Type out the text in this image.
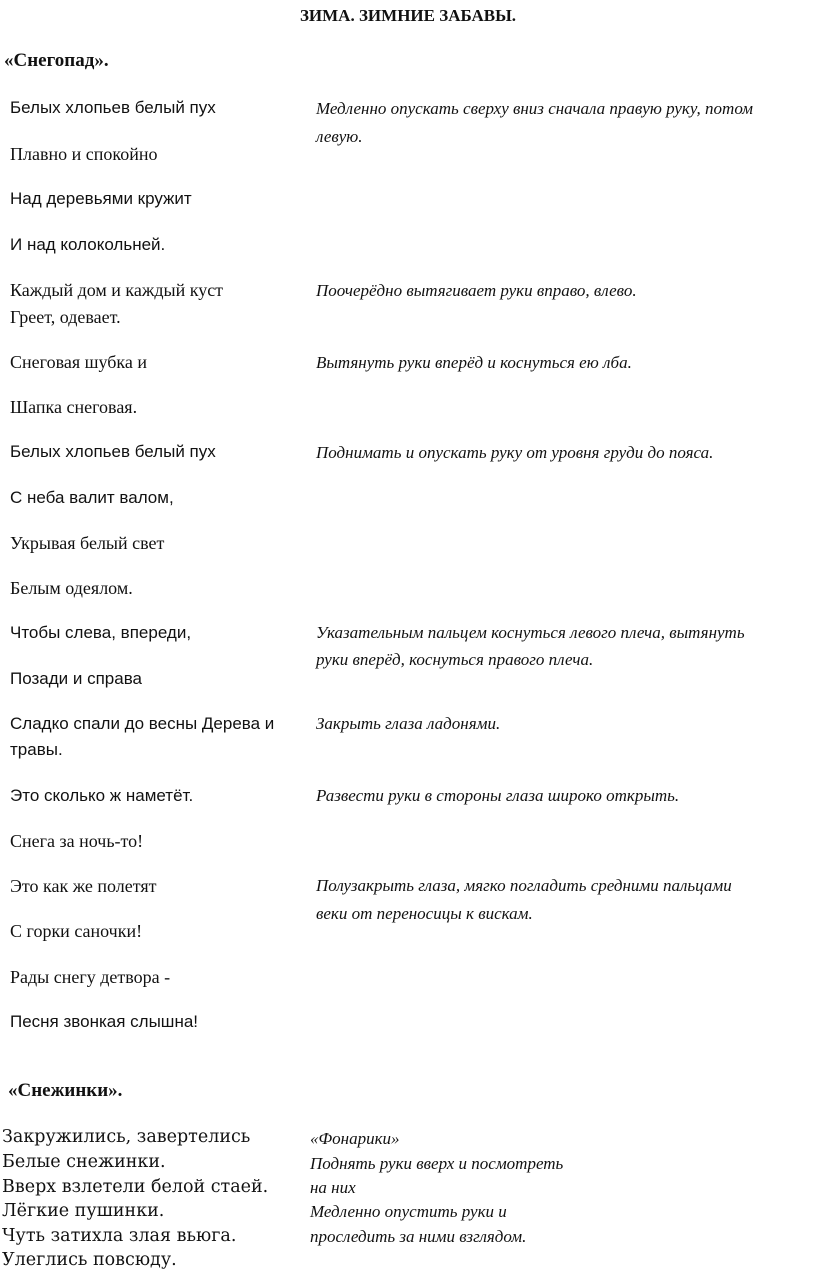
ЗИМА. ЗИМНИЕ ЗАБАВЫ.
«Снегопад».
Белых хлопьев белый пух
Плавно и спокойно
Над деревьями кружит
И над колокольней.
Каждый дом и каждый куст
Греет, одевает.
Снеговая шубка и
Шапка снеговая.
Белых хлопьев белый пух
С неба валит валом,
Укрывая белый свет
Белым одеялом.
Чтобы слева, впереди,
Позади и справа
Сладко спали до весны Дерева и
травы.
Это сколько ж наметёт.
Снега за ночь-то!
Это как же полетят
С горки саночки!
Рады снегу детвора -
Песня звонкая слышна!
Медленно опускать сверху вниз сначала правую руку, потом
левую.
Поочерёдно вытягивает руки вправо, влево.
Вытянуть руки вперёд и коснуться ею лба.
Поднимать и опускать руку от уровня груди до пояса.
Указательным пальцем коснуться левого плеча, вытянуть
руки вперёд, коснуться правого плеча.
Закрыть глаза ладонями.
Развести руки в стороны глаза широко открыть.
Полузакрыть глаза, мягко погладить средними пальцами
веки от переносицы к вискам.
«Снежинки».
Закружились, завертелись
Белые снежинки.
Вверх взлетели белой стаей.
Лёгкие пушинки.
Чуть затихла злая вьюга.
Улеглись повсюду.
«Фонарики»
Поднять руки вверх и посмотреть
на них
Медленно опустить руки и
проследить за ними взглядом.
